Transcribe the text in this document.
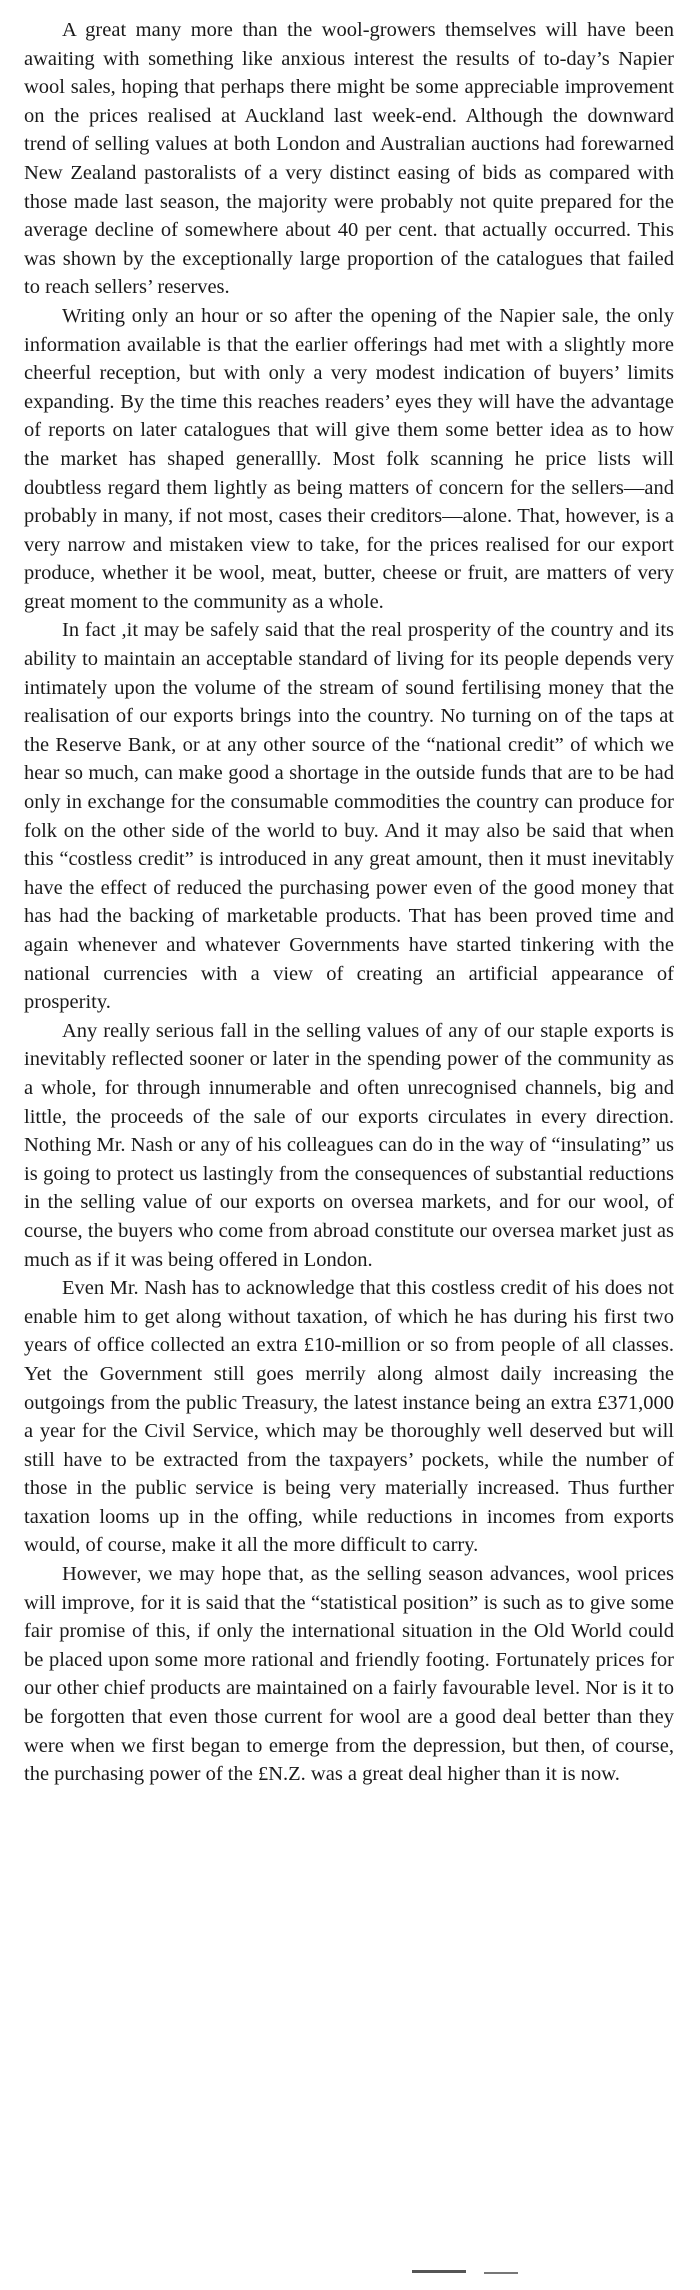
A great many more than the wool-growers themselves will have been awaiting with something like anxious interest the results of to-day’s Napier wool sales, hoping that perhaps there might be some appreciable improvement on the prices realised at Auckland last week-end. Although the downward trend of selling values at both London and Australian auctions had forewarned New Zealand pastoralists of a very distinct easing of bids as compared with those made last season, the majority were probably not quite prepared for the average decline of somewhere about 40 per cent. that actually occurred. This was shown by the exceptionally large proportion of the catalogues that failed to reach sellers’ reserves.

Writing only an hour or so after the opening of the Napier sale, the only information available is that the earlier offerings had met with a slightly more cheerful reception, but with only a very modest indication of buyers’ limits expanding. By the time this reaches readers’ eyes they will have the advantage of reports on later catalogues that will give them some better idea as to how the market has shaped generallly. Most folk scanning he price lists will doubtless regard them lightly as being matters of concern for the sellers—and probably in many, if not most, cases their creditors—alone. That, however, is a very narrow and mistaken view to take, for the prices realised for our export produce, whether it be wool, meat, butter, cheese or fruit, are matters of very great moment to the community as a whole.

In fact ,it may be safely said that the real prosperity of the country and its ability to maintain an acceptable standard of living for its people depends very intimately upon the volume of the stream of sound fertilising money that the realisation of our exports brings into the country. No turning on of the taps at the Reserve Bank, or at any other source of the “national credit” of which we hear so much, can make good a shortage in the outside funds that are to be had only in exchange for the consumable commodities the country can produce for folk on the other side of the world to buy. And it may also be said that when this “costless credit” is introduced in any great amount, then it must inevitably have the effect of reduced the purchasing power even of the good money that has had the backing of marketable products. That has been proved time and again whenever and whatever Governments have started tinkering with the national currencies with a view of creating an artificial appearance of prosperity.

Any really serious fall in the selling values of any of our staple exports is inevitably reflected sooner or later in the spending power of the community as a whole, for through innumerable and often unrecognised channels, big and little, the proceeds of the sale of our exports circulates in every direction. Nothing Mr. Nash or any of his colleagues can do in the way of “insulating” us is going to protect us lastingly from the consequences of substantial reductions in the selling value of our exports on oversea markets, and for our wool, of course, the buyers who come from abroad constitute our oversea market just as much as if it was being offered in London.

Even Mr. Nash has to acknowledge that this costless credit of his does not enable him to get along without taxation, of which he has during his first two years of office collected an extra £10-million or so from people of all classes. Yet the Government still goes merrily along almost daily increasing the outgoings from the public Treasury, the latest instance being an extra £371,000 a year for the Civil Service, which may be thoroughly well deserved but will still have to be extracted from the taxpayers’ pockets, while the number of those in the public service is being very materially increased. Thus further taxation looms up in the offing, while reductions in incomes from exports would, of course, make it all the more difficult to carry.

However, we may hope that, as the selling season advances, wool prices will improve, for it is said that the “statistical position” is such as to give some fair promise of this, if only the international situation in the Old World could be placed upon some more rational and friendly footing. Fortunately prices for our other chief products are maintained on a fairly favourable level. Nor is it to be forgotten that even those current for wool are a good deal better than they were when we first began to emerge from the depression, but then, of course, the purchasing power of the £N.Z. was a great deal higher than it is now.
